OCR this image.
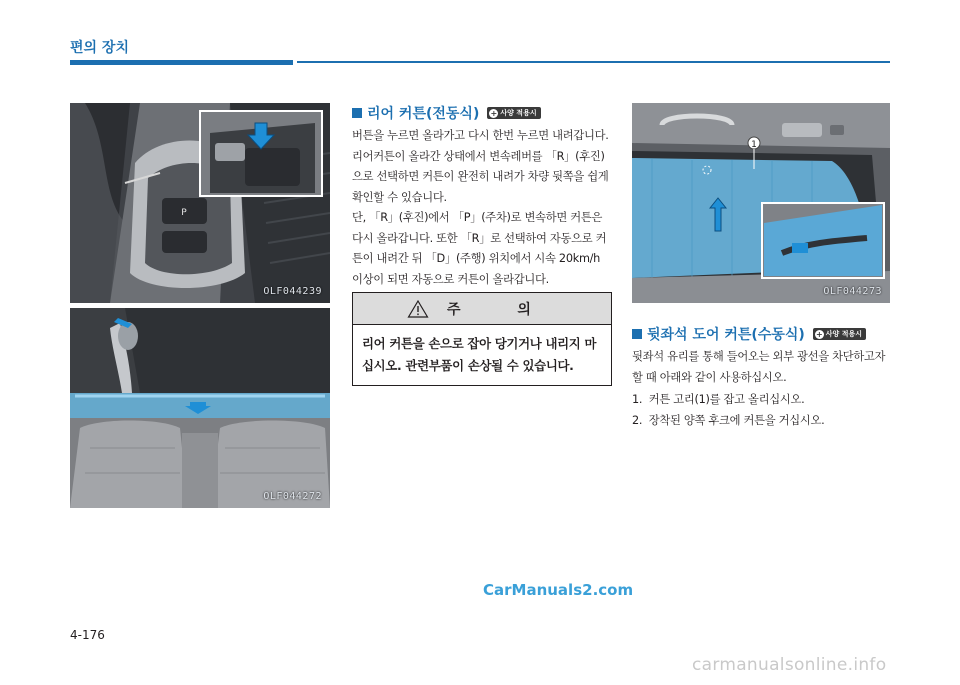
편의 장치
P
OLF044239
OLF044272
리어 커튼(전동식) + 사양 적용시
버튼을 누르면 올라가고 다시 한번 누르면 내려갑니다. 리어커튼이 올라간 상태에서 변속레버를 「R」(후진)으로 선택하면 커튼이 완전히 내려가 차량 뒷쪽을 쉽게 확인할 수 있습니다.
단, 「R」(후진)에서 「P」(주차)로 변속하면 커튼은 다시 올라갑니다. 또한 「R」로 선택하여 자동으로 커튼이 내려간 뒤 「D」(주행) 위치에서 시속 20km/h 이상이 되면 자동으로 커튼이 올라갑니다.
주 의
리어 커튼을 손으로 잡아 당기거나 내리지 마십시오. 관련부품이 손상될 수 있습니다.
1
OLF044273
뒷좌석 도어 커튼(수동식) + 사양 적용시
뒷좌석 유리를 통해 들어오는 외부 광선을 차단하고자 할 때 아래와 같이 사용하십시오.
1. 커튼 고리(1)를 잡고 올리십시오.
2. 장착된 양쪽 후크에 커튼을 거십시오.
CarManuals2.com
4-176
carmanualsonline.info
